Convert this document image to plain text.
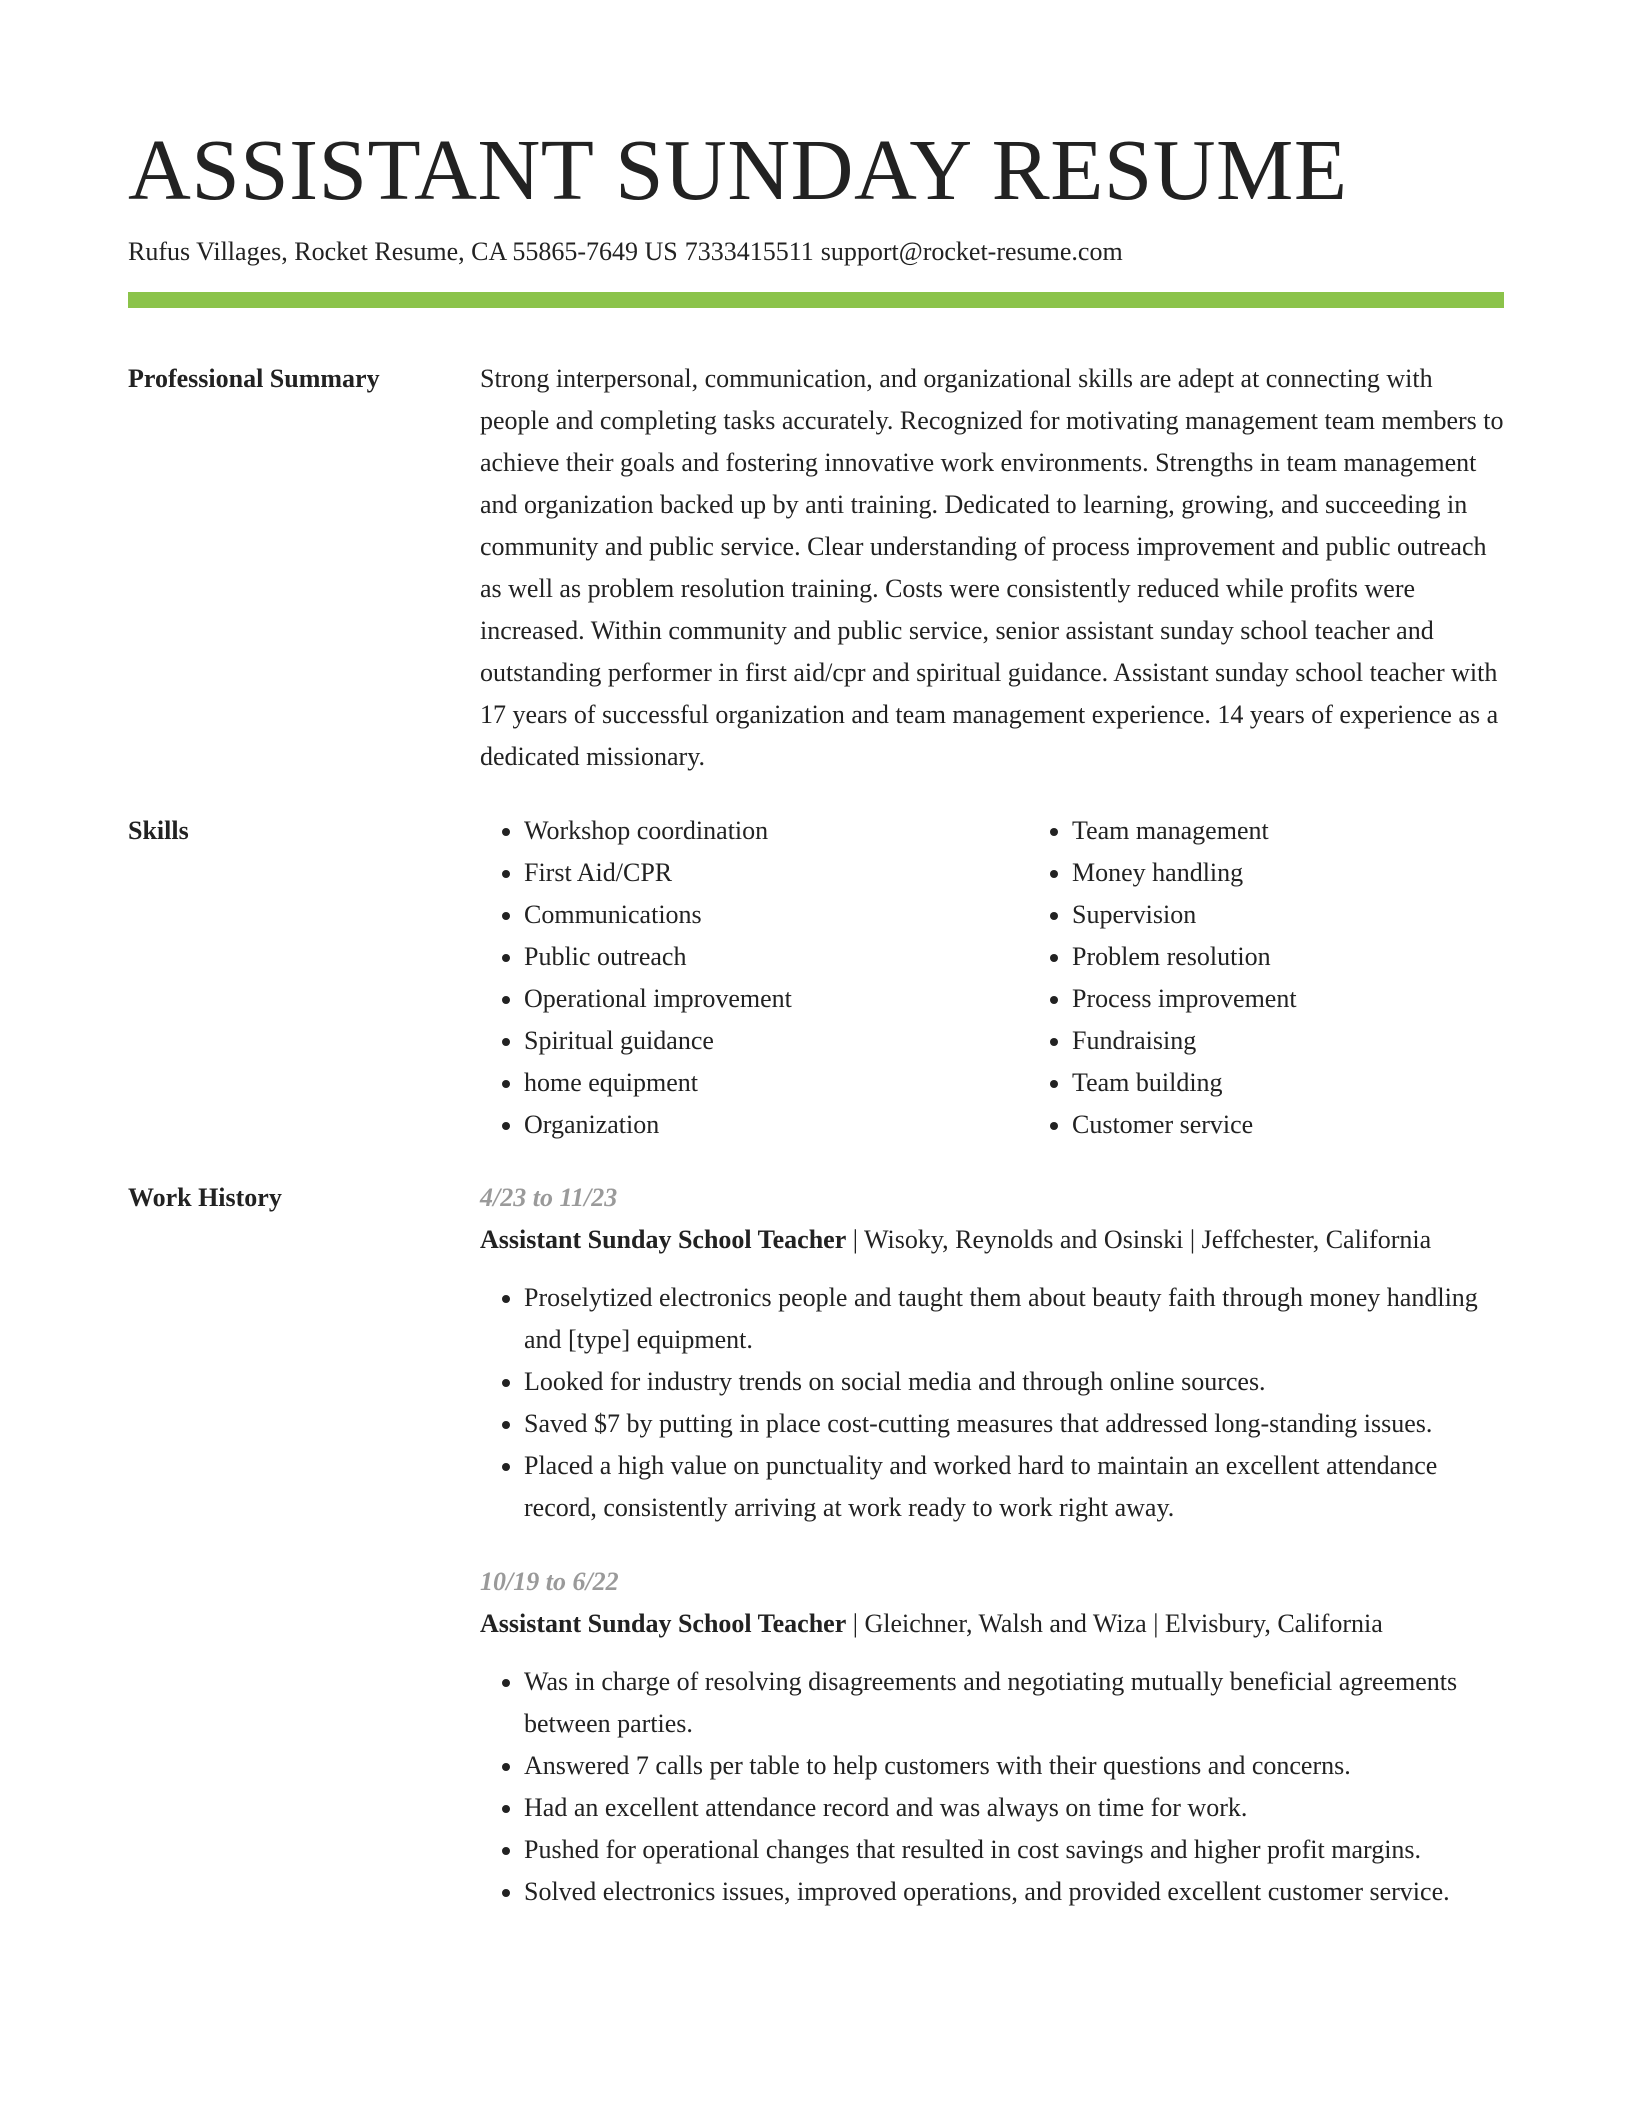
ASSISTANT SUNDAY RESUME
Rufus Villages, Rocket Resume, CA 55865-7649 US 7333415511 support@rocket-resume.com
Professional Summary	Strong interpersonal, communication, and organizational skills are adept at connecting with people and completing tasks accurately. Recognized for motivating management team members to achieve their goals and fostering innovative work environments. Strengths in team management and organization backed up by anti training. Dedicated to learning, growing, and succeeding in community and public service. Clear understanding of process improvement and public outreach as well as problem resolution training. Costs were consistently reduced while profits were increased. Within community and public service, senior assistant sunday school teacher and outstanding performer in first aid/cpr and spiritual guidance. Assistant sunday school teacher with 17 years of successful organization and team management experience. 14 years of experience as a dedicated missionary.

Skills
•	Workshop coordination
• First Aid/CPR
• Communications
• Public outreach
• Operational improvement
• Spiritual guidance
• home equipment
• Organization
• Team management
• Money handling
• Supervision
• Problem resolution
• Process improvement
• Fundraising
• Team building
• Customer service
Work History	4/23 to 11/23
Assistant Sunday School Teacher | Wisoky, Reynolds and Osinski | Jeffchester, California
• Proselytized electronics people and taught them about beauty faith through money handling and [type] equipment.
• Looked for industry trends on social media and through online sources.
• Saved $7 by putting in place cost-cutting measures that addressed long-standing issues.
• Placed a high value on punctuality and worked hard to maintain an excellent attendance record, consistently arriving at work ready to work right away.
10/19 to 6/22
Assistant Sunday School Teacher | Gleichner, Walsh and Wiza | Elvisbury, California
• Was in charge of resolving disagreements and negotiating mutually beneficial agreements between parties.
• Answered 7 calls per table to help customers with their questions and concerns.
• Had an excellent attendance record and was always on time for work.
• Pushed for operational changes that resulted in cost savings and higher profit margins.
• Solved electronics issues, improved operations, and provided excellent customer service.
